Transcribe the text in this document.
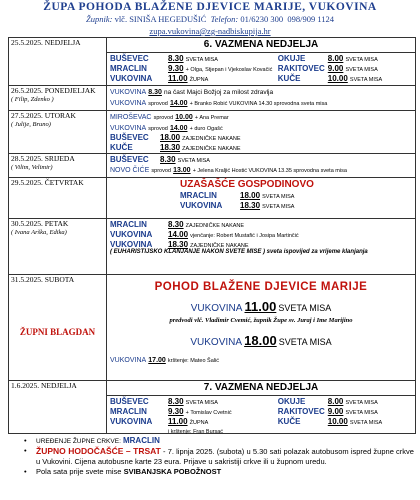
ŽUPA POHODA BLAŽENE DJEVICE MARIJE, VUKOVINA
Župnik: vlč. SINIŠA HEGEDUŠIĆ Telefon: 01/6230 300 098/909 1124
zupa.vukovina@zg-nadbiskupija.hr
25.5.2025. NEDJELJA	6. VAZMENA NEDJELJA
BUŠEVEC 8.30 SVETA MISA
MRACLIN	9.30 + Olga, Stjepan i Vjekoslav Kovačić
VUKOVINA 11.00 ŽUPNA
OKUJE	8.00 SVETA MISA
RAKITOVEC 9.00 SVETA MISA
KUČE	10.00 SVETA MISA
26.5.2025. PONEDJELJAK
( Filip, Zdenko )
VUKOVINA 8.30 na čast Majci Božjoj za milost zdravlja
VUKOVINA sprovod 14.00 + Branko Robić VUKOVINA 14.30 sprovodna sveta misa
27.5.2025. UTORAK
( Julije, Bruno)
MIROŠEVAC sprovod 10.00 + Ana Premar
VUKOVINA sprovod 14.00 + duro Ogašć
BUŠEVEC 18.00 ZAJEDNIČKE NAKANE
KUČE	18.30 ZAJEDNIČKE NAKANE
28.5.2025. SRIJEDA
( Vilim, Velimir)
BUŠEVEC 8.30 SVETA MISA
NOVO ČIĆE sprovod 13.00 + Jelena Kraljić Hostić VUKOVINA 13.35 sprovodna sveta misa
29.5.2025. ČETVRTAK	UZAŠAŠĆE GOSPODINOVO
MRACLIN	18.00 SVETA MISA
VUKOVINA 18.30 SVETA MISA
30.5.2025. PETAK
( Ivana Arška, Edika)
MRACLIN	8.30 ZAJEDNIČKE NAKANE
VUKOVINA 14.00 vjenčanje: Robert Mustafić i Josipa Martinčić
VUKOVINA 18.30 ZAJEDNIČKE NAKANE
( EUHARISTIJSKO KLANJANJE NAKON SVETE MISE ) sveta ispovijed za vrijeme klanjanja
31.5.2025. SUBOTA
ŽUPNI BLAGDAN
POHOD BLAŽENE DJEVICE MARIJE
VUKOVINA 11.00 SVETA MISA
predvodi vlč. Vladimir Cvemić, župnik Župe sv. Juraj i Ime Marijino
VUKOVINA 18.00 SVETA MISA
VUKOVINA 17.00 krštenje: Mateo Šalić
1.6.2025. NEDJELJA	7. VAZMENA NEDJELJA
BUŠEVEC 8.30 SVETA MISA
MRACLIN	9.30 + Tomislav Cvetnić
VUKOVINA 11.00 ŽUPNA
i krštenje: Fran Bursać
OKUJE	8.00 SVETA MISA
RAKITOVEC 9.00 SVETA MISA
KUČE	10.00 SVETA MISA
•	UREĐENJE ŽUPNE CRKVE: MRACLIN
•	ŽUPNO HODOČAŠĆE – TRSAT - 7. lipnja 2025. (subota) u 5.30 sati polazak autobusom ispred župne crkve u Vukovini. Cijena autobusne karte 23 eura. Prijave u sakristiji crkve ili u župnom uredu.
•	Pola sata prije svete mise SVIBANJSKA POBOŽNOST
